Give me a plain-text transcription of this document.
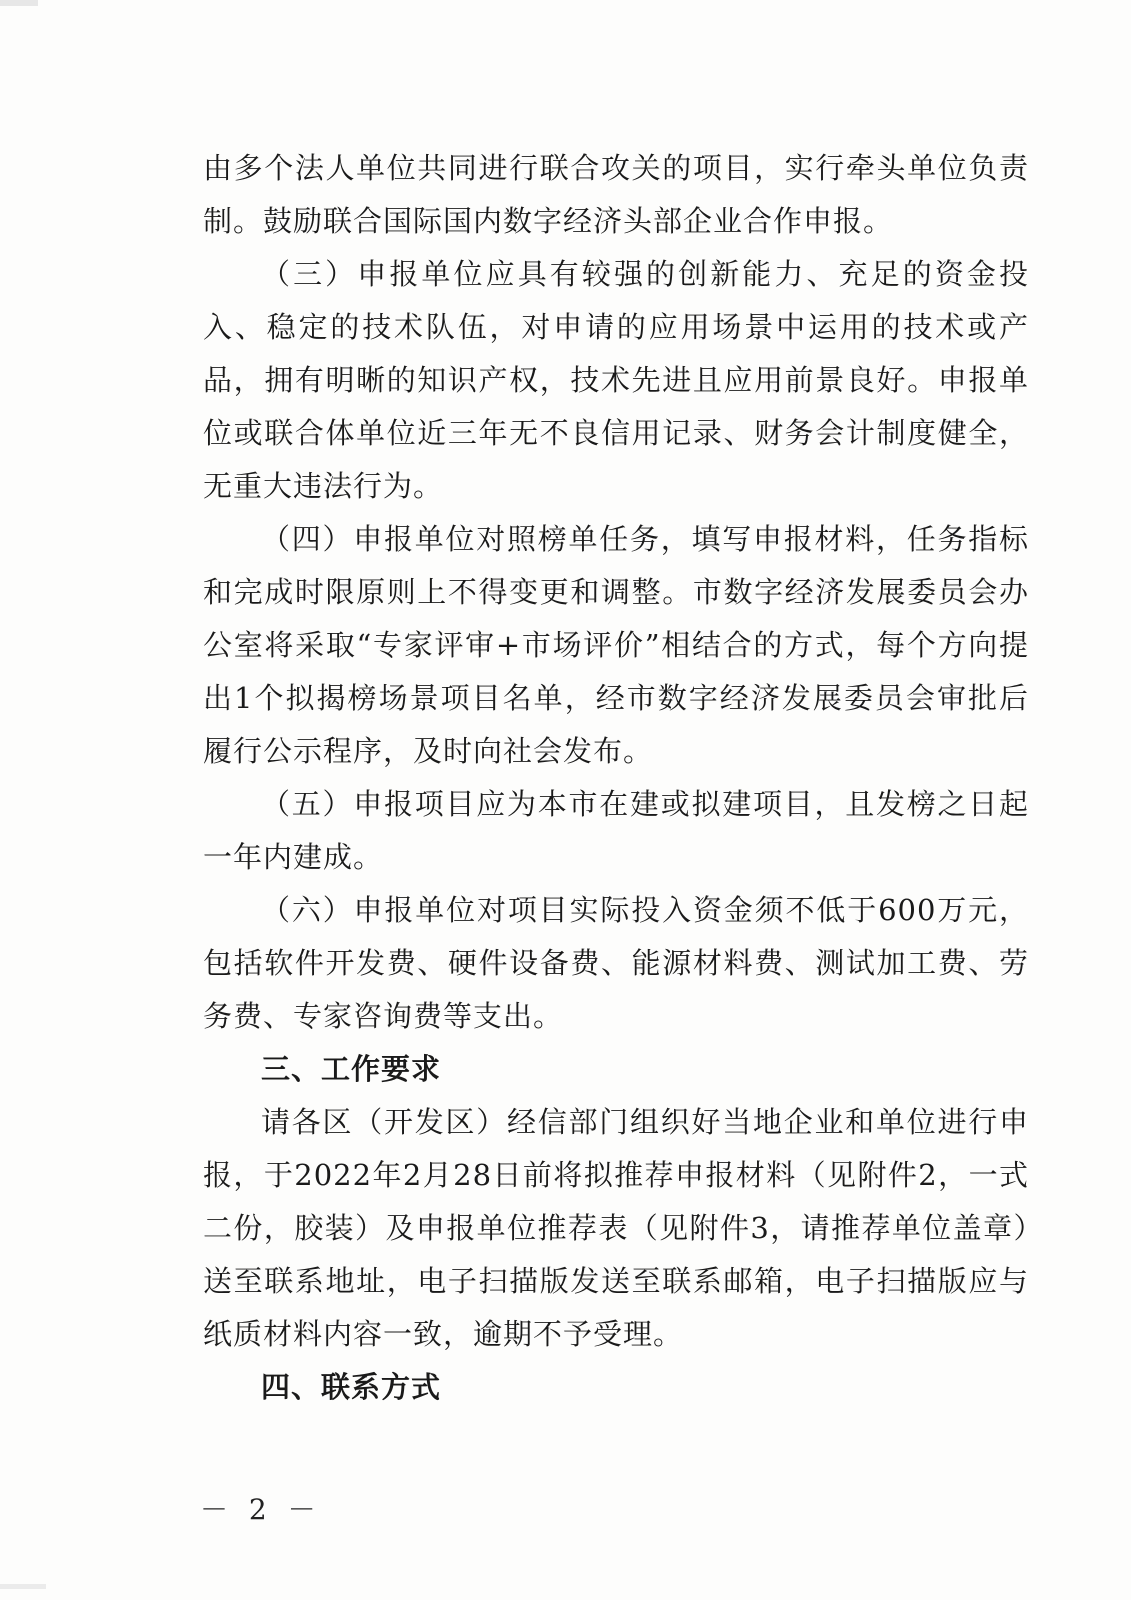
由多个法人单位共同进行联合攻关的项目，实行牵头单位负责制。鼓励联合国际国内数字经济头部企业合作申报。

（三）申报单位应具有较强的创新能力、充足的资金投入、稳定的技术队伍，对申请的应用场景中运用的技术或产品，拥有明晰的知识产权，技术先进且应用前景良好。申报单位或联合体单位近三年无不良信用记录、财务会计制度健全，无重大违法行为。

（四）申报单位对照榜单任务，填写申报材料，任务指标和完成时限原则上不得变更和调整。市数字经济发展委员会办公室将采取“专家评审+市场评价”相结合的方式，每个方向提出1个拟揭榜场景项目名单，经市数字经济发展委员会审批后履行公示程序，及时向社会发布。

（五）申报项目应为本市在建或拟建项目，且发榜之日起一年内建成。

（六）申报单位对项目实际投入资金须不低于600万元，包括软件开发费、硬件设备费、能源材料费、测试加工费、劳务费、专家咨询费等支出。

三、工作要求

请各区（开发区）经信部门组织好当地企业和单位进行申报，于2022年2月28日前将拟推荐申报材料（见附件2，一式二份，胶装）及申报单位推荐表（见附件3，请推荐单位盖章）送至联系地址，电子扫描版发送至联系邮箱，电子扫描版应与纸质材料内容一致，逾期不予受理。

四、联系方式
－ 2 －
